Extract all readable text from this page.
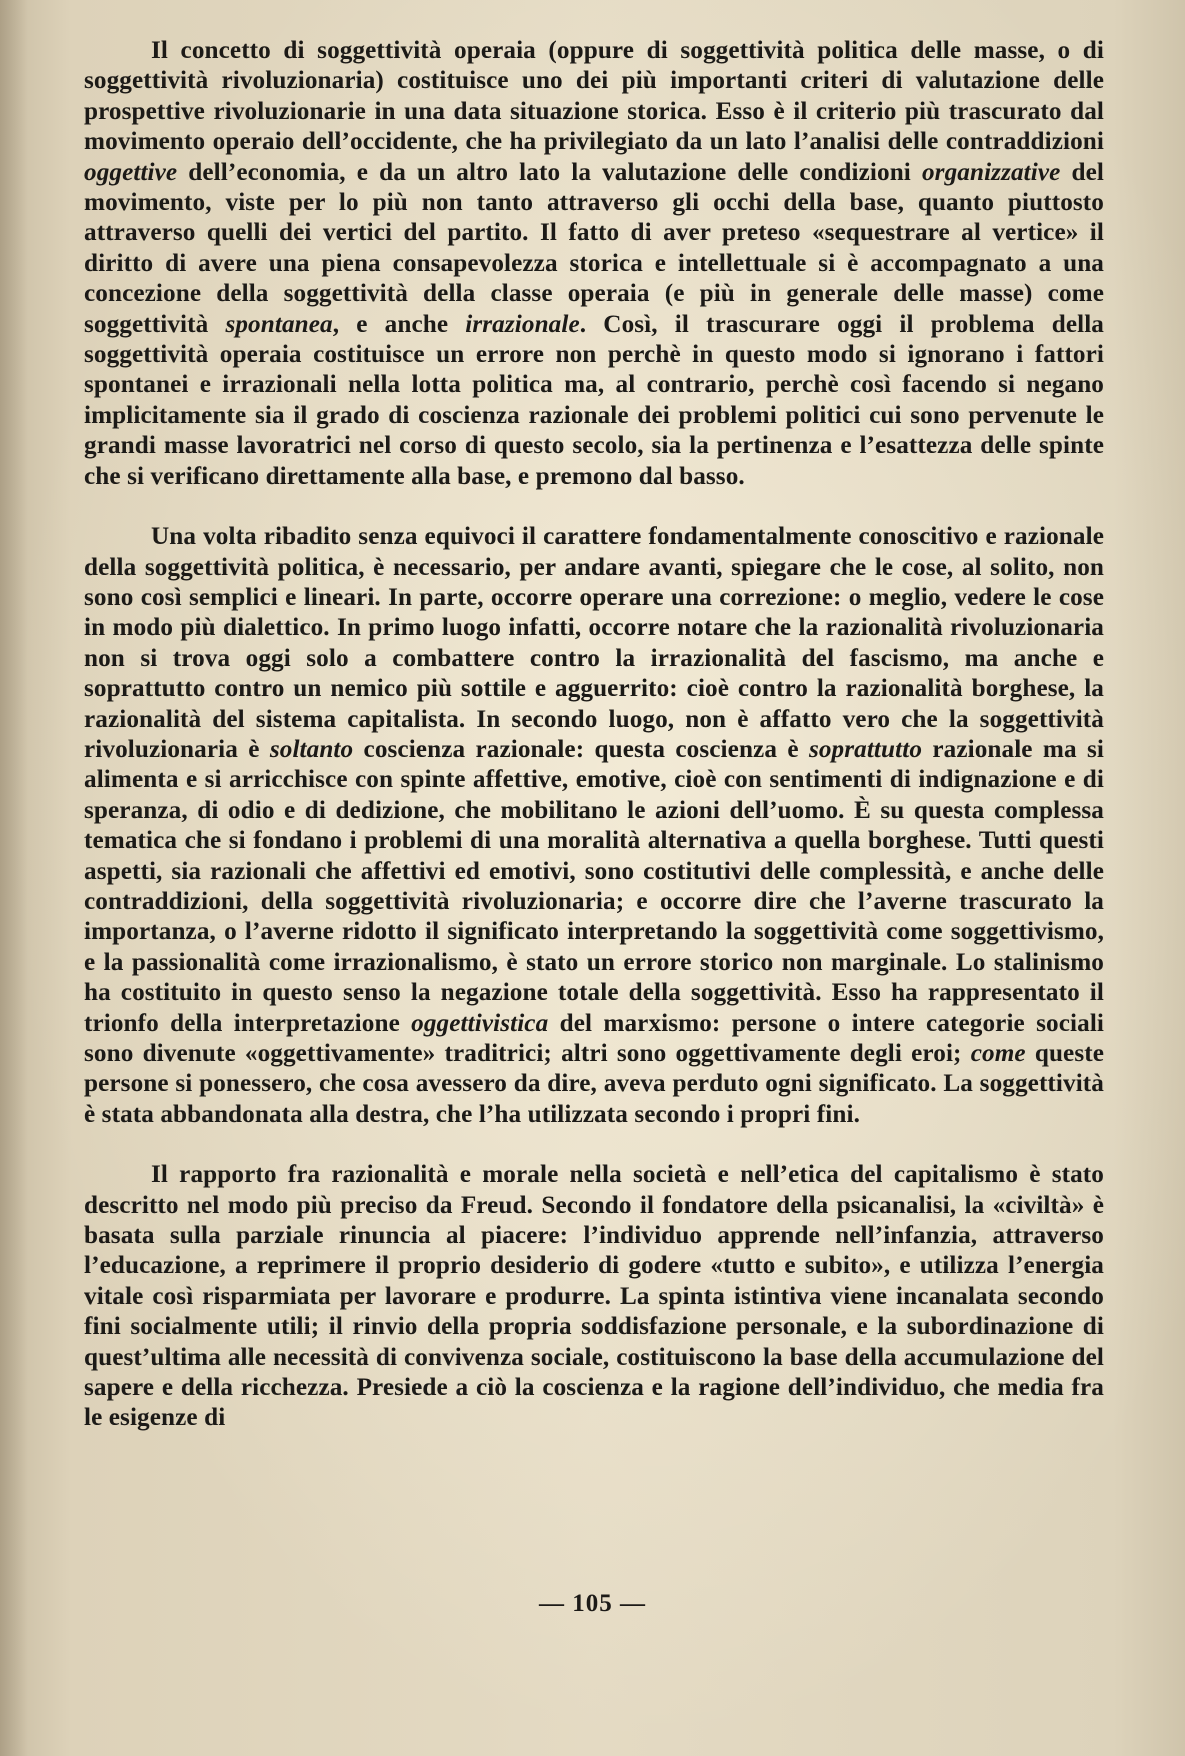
Il concetto di soggettività operaia (oppure di soggettività politica delle masse, o di soggettività rivoluzionaria) costituisce uno dei più importanti criteri di valutazione delle prospettive rivoluzionarie in una data situazione storica. Esso è il criterio più trascurato dal movimento operaio dell’occidente, che ha privilegiato da un lato l’analisi delle contraddizioni oggettive dell’economia, e da un altro lato la valutazione delle condizioni organizzative del movimento, viste per lo più non tanto attraverso gli occhi della base, quanto piuttosto attraverso quelli dei vertici del partito. Il fatto di aver preteso «sequestrare al vertice» il diritto di avere una piena consapevolezza storica e intellettuale si è accompagnato a una concezione della soggettività della classe operaia (e più in generale delle masse) come soggettività spontanea, e anche irrazionale. Così, il trascurare oggi il problema della soggettività operaia costituisce un errore non perchè in questo modo si ignorano i fattori spontanei e irrazionali nella lotta politica ma, al contrario, perchè così facendo si negano implicitamente sia il grado di coscienza razionale dei problemi politici cui sono pervenute le grandi masse lavoratrici nel corso di questo secolo, sia la pertinenza e l’esattezza delle spinte che si verificano direttamente alla base, e premono dal basso.

Una volta ribadito senza equivoci il carattere fondamentalmente conoscitivo e razionale della soggettività politica, è necessario, per andare avanti, spiegare che le cose, al solito, non sono così semplici e lineari. In parte, occorre operare una correzione: o meglio, vedere le cose in modo più dialettico. In primo luogo infatti, occorre notare che la razionalità rivoluzionaria non si trova oggi solo a combattere contro la irrazionalità del fascismo, ma anche e soprattutto contro un nemico più sottile e agguerrito: cioè contro la razionalità borghese, la razionalità del sistema capitalista. In secondo luogo, non è affatto vero che la soggettività rivoluzionaria è soltanto coscienza razionale: questa coscienza è soprattutto razionale ma si alimenta e si arricchisce con spinte affettive, emotive, cioè con sentimenti di indignazione e di speranza, di odio e di dedizione, che mobilitano le azioni dell’uomo. È su questa complessa tematica che si fondano i problemi di una moralità alternativa a quella borghese. Tutti questi aspetti, sia razionali che affettivi ed emotivi, sono costitutivi delle complessità, e anche delle contraddizioni, della soggettività rivoluzionaria; e occorre dire che l’averne trascurato la importanza, o l’averne ridotto il significato interpretando la soggettività come soggettivismo, e la passionalità come irrazionalismo, è stato un errore storico non marginale. Lo stalinismo ha costituito in questo senso la negazione totale della soggettività. Esso ha rappresentato il trionfo della interpretazione oggettivistica del marxismo: persone o intere categorie sociali sono divenute «oggettivamente» traditrici; altri sono oggettivamente degli eroi; come queste persone si ponessero, che cosa avessero da dire, aveva perduto ogni significato. La soggettività è stata abbandonata alla destra, che l’ha utilizzata secondo i propri fini.

Il rapporto fra razionalità e morale nella società e nell’etica del capitalismo è stato descritto nel modo più preciso da Freud. Secondo il fondatore della psicanalisi, la «civiltà» è basata sulla parziale rinuncia al piacere: l’individuo apprende nell’infanzia, attraverso l’educazione, a reprimere il proprio desiderio di godere «tutto e subito», e utilizza l’energia vitale così risparmiata per lavorare e produrre. La spinta istintiva viene incanalata secondo fini socialmente utili; il rinvio della propria soddisfazione personale, e la subordinazione di quest’ultima alle necessità di convivenza sociale, costituiscono la base della accumulazione del sapere e della ricchezza. Presiede a ciò la coscienza e la ragione dell’individuo, che media fra le esigenze di

— 105 —
